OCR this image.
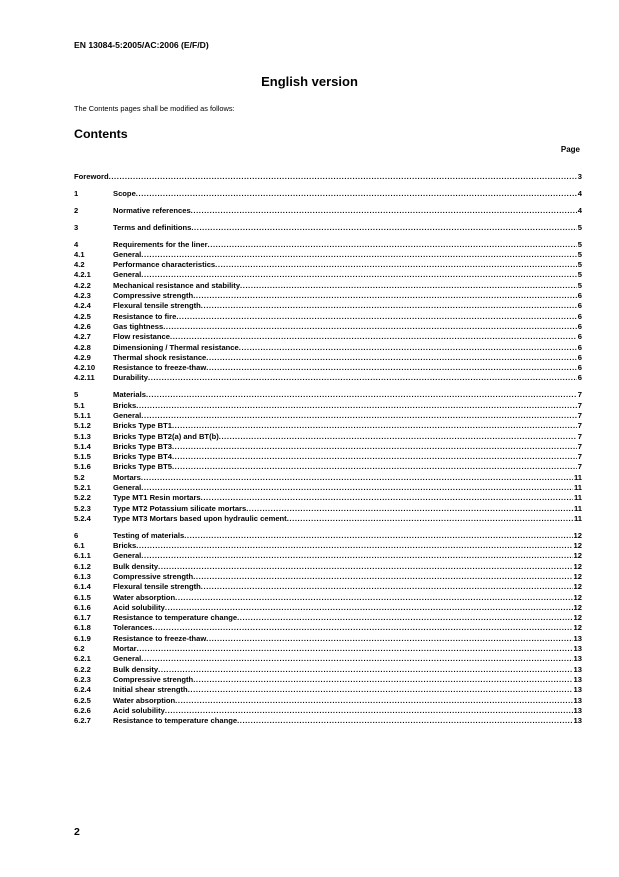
EN 13084-5:2005/AC:2006 (E/F/D)
English version
The Contents pages shall be modified as follows:
Contents
Page
Foreword .....	3
1	Scope .....	4
2	Normative references .....	4
3	Terms and definitions .....	5
4	Requirements for the liner .....	5
4.1	General .....	5
4.2	Performance characteristics .....	5
4.2.1	General .....	5
4.2.2	Mechanical resistance and stability .....	5
4.2.3	Compressive strength .....	6
4.2.4	Flexural tensile strength .....	6
4.2.5	Resistance to fire .....	6
4.2.6	Gas tightness .....	6
4.2.7	Flow resistance .....	6
4.2.8	Dimensioning / Thermal resistance .....	6
4.2.9	Thermal shock resistance .....	6
4.2.10	Resistance to freeze-thaw .....	6
4.2.11	Durability .....	6
5	Materials .....	7
5.1	Bricks .....	7
5.1.1	General .....	7
5.1.2	Bricks Type BT1 .....	7
5.1.3	Bricks Type BT2(a) and BT(b) .....	7
5.1.4	Bricks Type BT3 .....	7
5.1.5	Bricks Type BT4 .....	7
5.1.6	Bricks Type BT5 .....	7
5.2	Mortars .....	11
5.2.1	General .....	11
5.2.2	Type MT1 Resin mortars .....	11
5.2.3	Type MT2 Potassium silicate mortars .....	11
5.2.4	Type MT3 Mortars based upon hydraulic cement .....	11
6	Testing of materials .....	12
6.1	Bricks .....	12
6.1.1	General .....	12
6.1.2	Bulk density .....	12
6.1.3	Compressive strength .....	12
6.1.4	Flexural tensile strength .....	12
6.1.5	Water absorption .....	12
6.1.6	Acid solubility .....	12
6.1.7	Resistance to temperature change .....	12
6.1.8	Tolerances .....	12
6.1.9	Resistance to freeze-thaw .....	13
6.2	Mortar .....	13
6.2.1	General .....	13
6.2.2	Bulk density .....	13
6.2.3	Compressive strength .....	13
6.2.4	Initial shear strength .....	13
6.2.5	Water absorption .....	13
6.2.6	Acid solubility .....	13
6.2.7	Resistance to temperature change .....	13
2
